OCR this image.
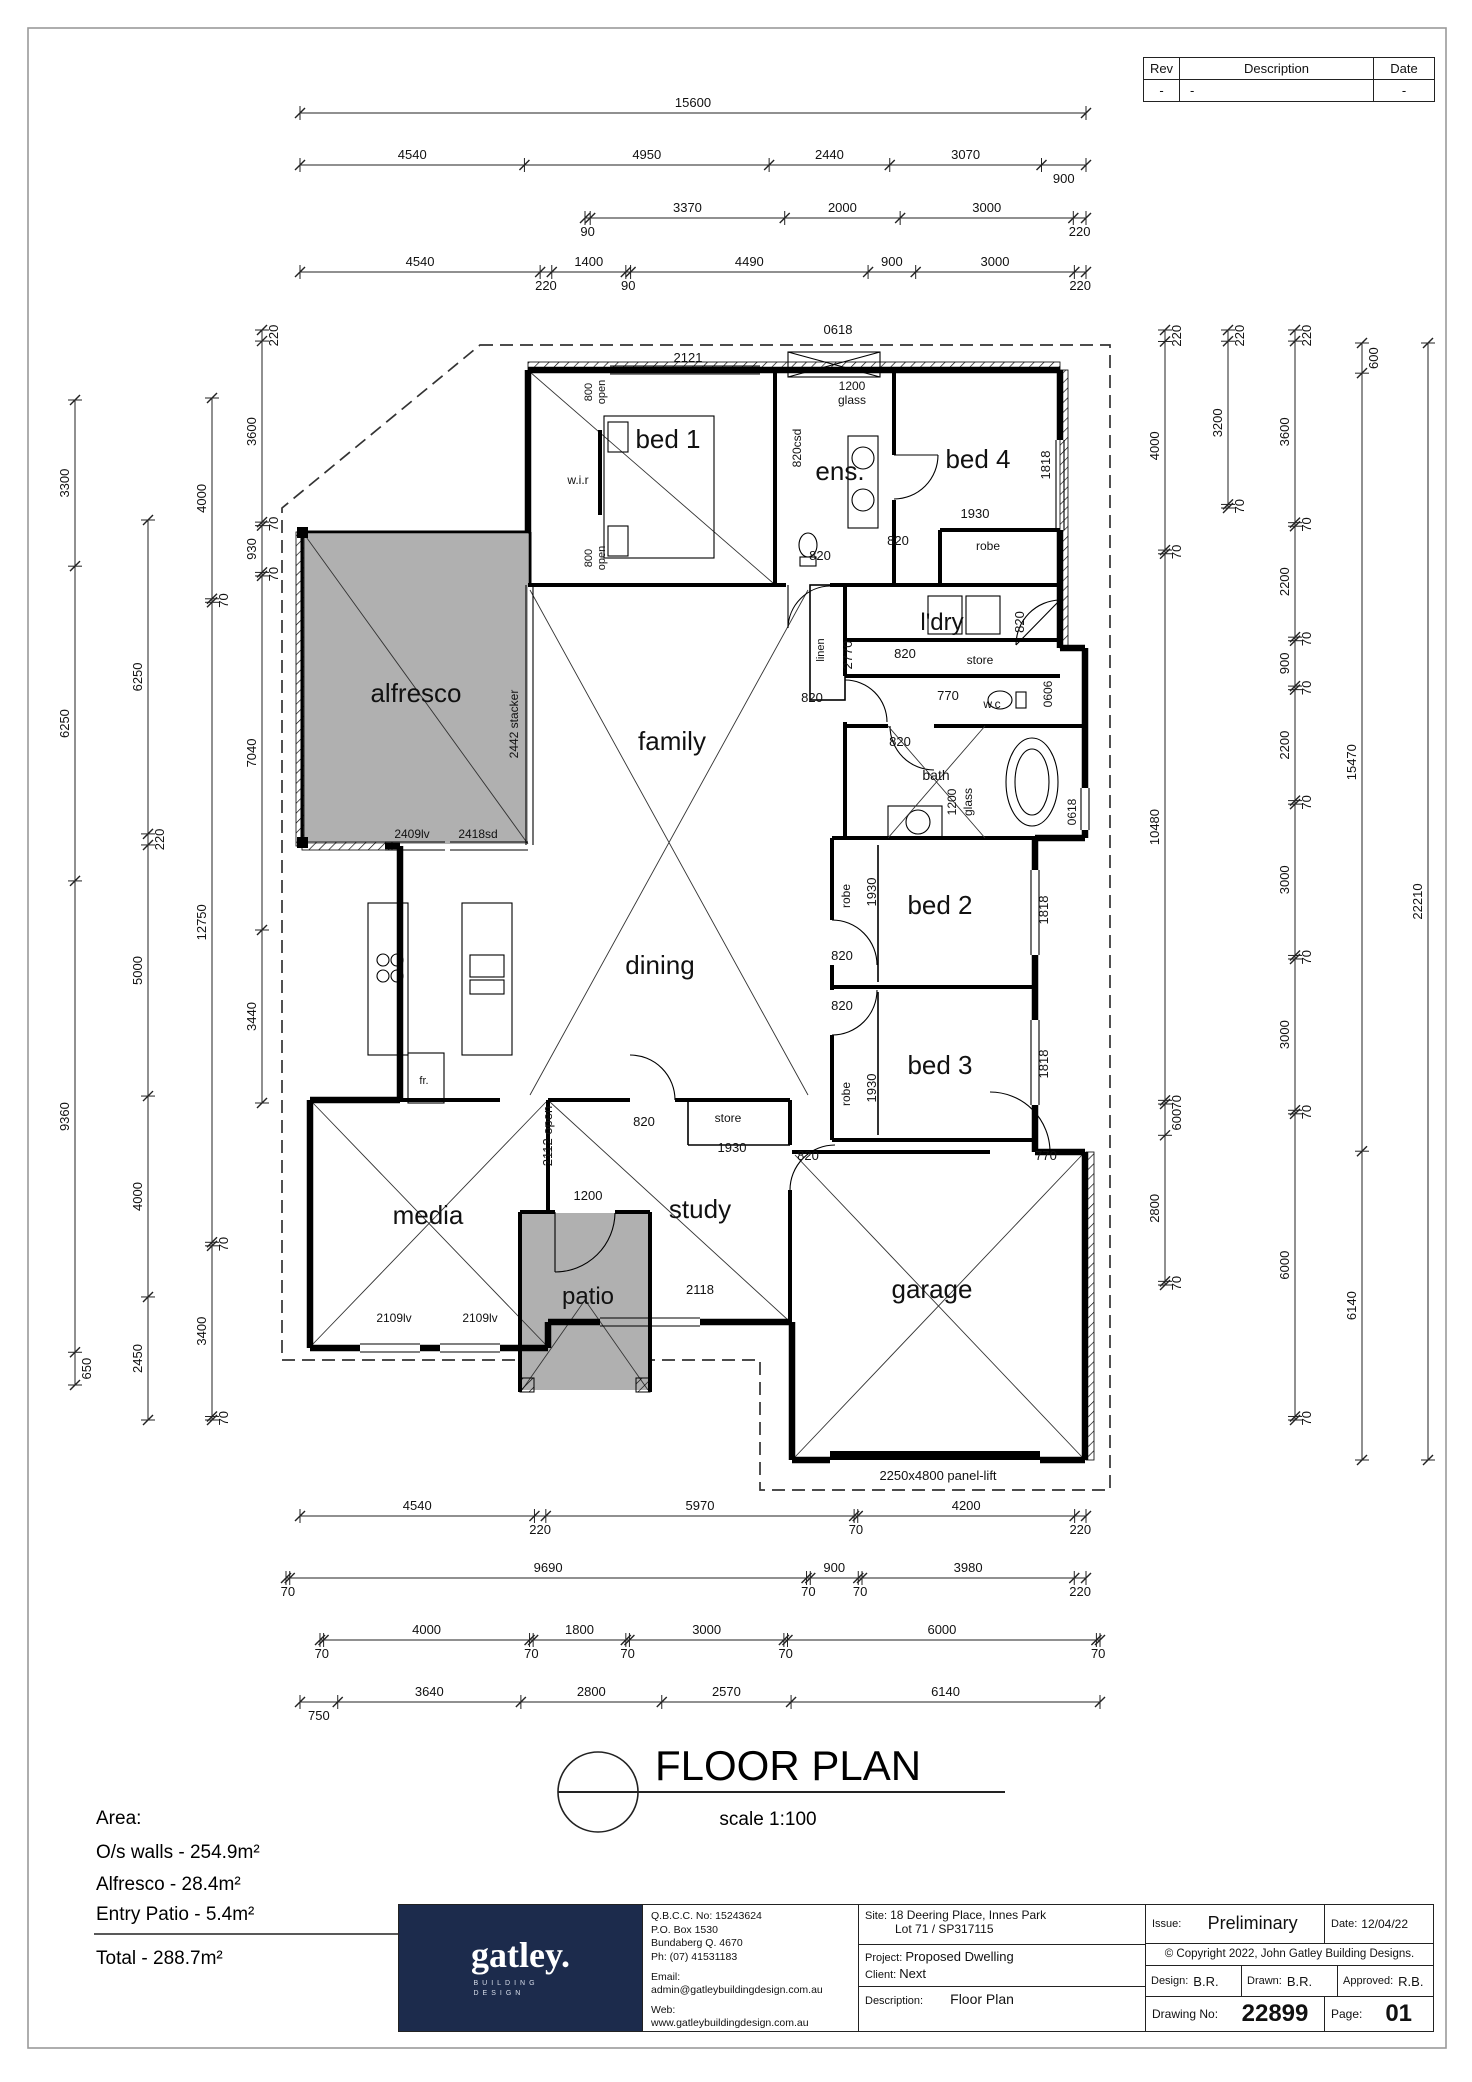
15600
4540	4950	2440	3070
900
90
3370	2000	3000
220
4540
220
1400
90
4490	900	3000
220
4540
220
5970
70
4200
220
70
9690
70
900
70
3980
220
70
4000
70
1800
70
3000
70
6000
70
750
3640	2800	2570	6140
3300
6250
9360
650
6250
220
5000
4000
2450
4000
70
12750
70
3400
70
220
3600
70
930
70
7040
3440
220
4000
70
10480
70
600
2800
70
220
3200
70
220
3600
70
2200
70
900
70
2200
70
3000
70
3000
70
6000
70
600
15470
6140
22210
bed 1
ens.	bed 4
alfresco
family
l'dry
dining
bed 2
bed 3
media	study
patio	garage
2121
0618
1200
glass
820csd
w.i.r
800 open
800 open
1930
robe
1818
820
820
linen 2770	820	store
820
770
w.c	0606
820
bath
1200 glass	0618
820
robe 1930
1818
820
820
robe 1930
1818
2409lv 2418sd
2442 stacker
fr.
2112 open	820	store
1930
820
1200
2118
2109lv	2109lv
770
2250x4800 panel-lift
FLOOR PLAN
scale 1:100
Area:
O/s walls - 254.9m²
Alfresco - 28.4m²
Entry Patio - 5.4m²
Total - 288.7m²
Rev	Description	Date
-	-	-
gatley.
BUILDING DESIGN
Q.B.C.C. No: 15243624
P.O. Box 1530
Bundaberg Q. 4670
Ph: (07) 41531183
Email:
admin@gatleybuildingdesign.com.au
Web:
www.gatleybuildingdesign.com.au
Site: 18 Deering Place, Innes Park
Lot 71 / SP317115
Project: Proposed Dwelling
Client: Next
Description: Floor Plan
Issue:	Preliminary	Date: 12/04/22
© Copyright 2022, John Gatley Building Designs.
Design: B.R.	Drawn: B.R.	Approved: R.B.
Drawing No: 22899	Page: 01
